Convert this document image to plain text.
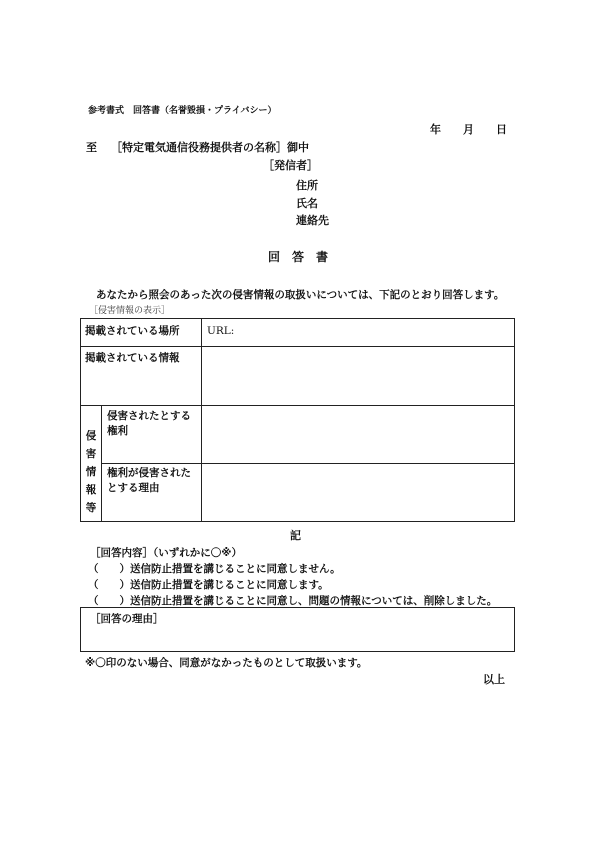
参考書式　回答書（名誉毀損・プライバシー）
年 月 日
至 ［特定電気通信役務提供者の名称］御中
［発信者］
住所
氏名
連絡先
回　答　書
あなたから照会のあった次の侵害情報の取扱いについては、下記のとおり回答します。
［侵害情報の表示］
掲載されている場所	URL:
掲載されている情報
侵害情報等
侵害されたとする権利
権利が侵害されたとする理由
記
［回答内容］（いずれかに〇※）
（　　）送信防止措置を講じることに同意しません。
（　　）送信防止措置を講じることに同意します。
（　　）送信防止措置を講じることに同意し、問題の情報については、削除しました。
［回答の理由］
※〇印のない場合、同意がなかったものとして取扱います。
以上
